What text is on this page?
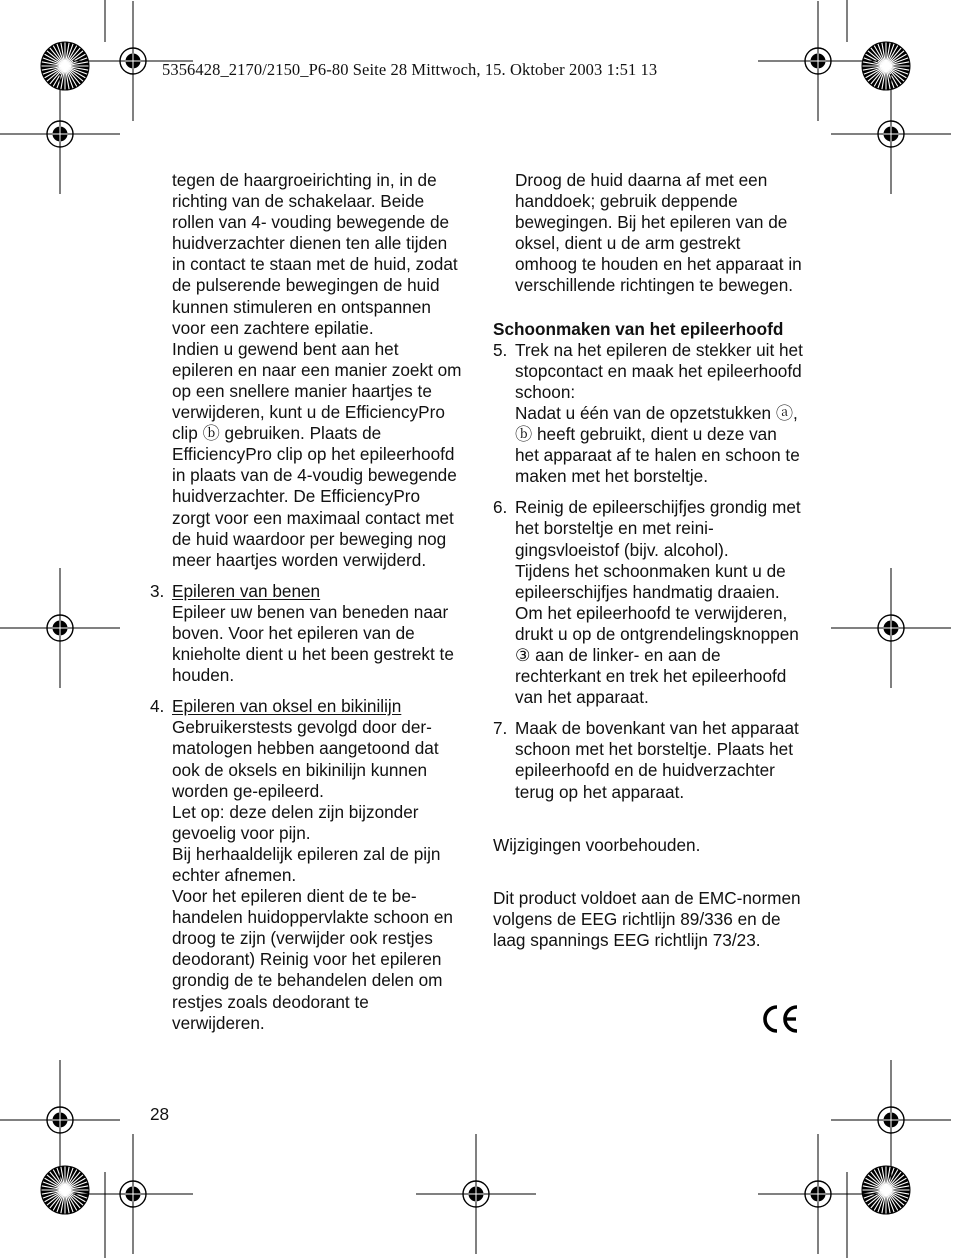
5356428_2170/2150_P6-80 Seite 28 Mittwoch, 15. Oktober 2003 1:51 13

tegen de haargroeirichting in, in de richting van de schakelaar. Beide rollen van 4- vouding bewegende de huidverzachter dienen ten alle tijden in contact te staan met de huid, zodat de pulserende bewegingen de huid kunnen stimuleren en ontspannen voor een zachtere epilatie.

Indien u gewend bent aan het epileren en naar een manier zoekt om op een snellere manier haartjes te verwijderen, kunt u de EfficiencyPro clip ⓑ gebruiken. Plaats de EfficiencyPro clip op het epileerhoofd in plaats van de 4-voudig bewegende huidverzachter. De EfficiencyPro zorgt voor een maximaal contact met de huid waardoor per beweging nog meer haartjes worden verwijderd.

3. Epileren van benen
Epileer uw benen van beneden naar boven. Voor het epileren van de knieholte dient u het been gestrekt te houden.
4. Epileren van oksel en bikinilijn
Gebruikerstests gevolgd door dermatologen hebben aangetoond dat ook de oksels en bikinilijn kunnen worden ge-epileerd.
Let op: deze delen zijn bijzonder gevoelig voor pijn.
Bij herhaaldelijk epileren zal de pijn echter afnemen.
Voor het epileren dient de te behandelen huidoppervlakte schoon en droog te zijn (verwijder ook restjes deodorant) Reinig voor het epileren grondig de te behandelen delen om restjes zoals deodorant te verwijderen.

Droog de huid daarna af met een handdoek; gebruik deppende bewegingen. Bij het epileren van de oksel, dient u de arm gestrekt omhoog te houden en het apparaat in verschillende richtingen te bewegen.

Schoonmaken van het epileerhoofd

5. Trek na het epileren de stekker uit het stopcontact en maak het epileerhoofd schoon:
Nadat u één van de opzetstukken ⓐ, ⓑ heeft gebruikt, dient u deze van het apparaat af te halen en schoon te maken met het borsteltje.
6. Reinig de epileerschijfjes grondig met het borsteltje en met reinigingsvloeistof (bijv. alcohol).
Tijdens het schoonmaken kunt u de epileerschijfjes handmatig draaien. Om het epileerhoofd te verwijderen, drukt u op de ontgrendelingsknoppen ③ aan de linker- en aan de rechterkant en trek het epileerhoofd van het apparaat.
7. Maak de bovenkant van het apparaat schoon met het borsteltje. Plaats het epileerhoofd en de huidverzachter terug op het apparaat.

Wijzigingen voorbehouden.

Dit product voldoet aan de EMC-normen volgens de EEG richtlijn 89/336 en de laag spannings EEG richtlijn 73/23.

28
